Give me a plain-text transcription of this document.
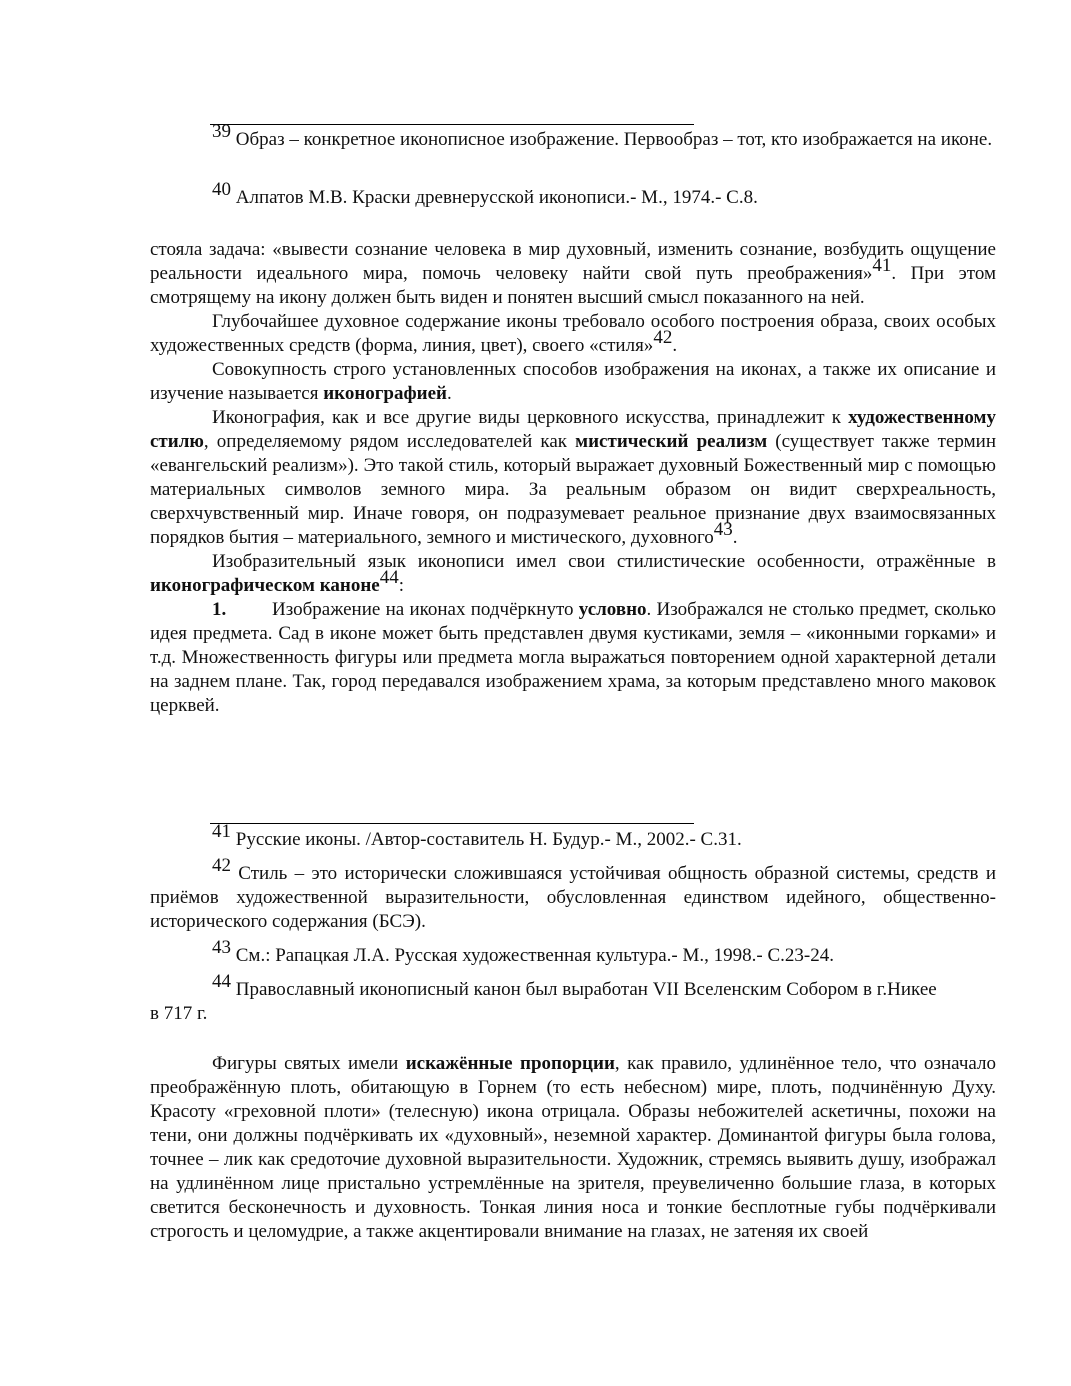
39 Образ – конкретное иконописное изображение. Первообраз – тот, кто изображается на иконе.

40 Алпатов М.В. Краски древнерусской иконописи.- М., 1974.- С.8.

стояла задача: «вывести сознание человека в мир духовный, изменить сознание, возбудить ощущение реальности идеального мира, помочь человеку найти свой путь преображения»41. При этом смотрящему на икону должен быть виден и понятен высший смысл показанного на ней.

Глубочайшее духовное содержание иконы требовало особого построения образа, своих особых художественных средств (форма, линия, цвет), своего «стиля»42.

Совокупность строго установленных способов изображения на иконах, а также их описание и изучение называется иконографией.

Иконография, как и все другие виды церковного искусства, принадлежит к художественному стилю, определяемому рядом исследователей как мистический реализм (существует также термин «евангельский реализм»). Это такой стиль, который выражает духовный Божественный мир с помощью материальных символов земного мира. За реальным образом он видит сверхреальность, сверхчувственный мир. Иначе говоря, он подразумевает реальное признание двух взаимосвязанных порядков бытия – материального, земного и мистического, духовного43.

Изобразительный язык иконописи имел свои стилистические особенности, отражённые в иконографическом каноне44:

1. Изображение на иконах подчёркнуто условно. Изображался не столько предмет, сколько идея предмета. Сад в иконе может быть представлен двумя кустиками, земля – «иконными горками» и т.д. Множественность фигуры или предмета могла выражаться повторением одной характерной детали на заднем плане. Так, город передавался изображением храма, за которым представлено много маковок церквей.

41 Русские иконы. /Автор-составитель Н. Будур.- М., 2002.- С.31.

42 Стиль – это исторически сложившаяся устойчивая общность образной системы, средств и приёмов художественной выразительности, обусловленная единством идейного, общественно-исторического содержания (БСЭ).

43 См.: Рапацкая Л.А. Русская художественная культура.- М., 1998.- С.23-24.

44 Православный иконописный канон был выработан VII Вселенским Собором в г.Никее в 717 г.

Фигуры святых имели искажённые пропорции, как правило, удлинённое тело, что означало преображённую плоть, обитающую в Горнем (то есть небесном) мире, плоть, подчинённую Духу. Красоту «греховной плоти» (телесную) икона отрицала. Образы небожителей аскетичны, похожи на тени, они должны подчёркивать их «духовный», неземной характер. Доминантой фигуры была голова, точнее – лик как средоточие духовной выразительности. Художник, стремясь выявить душу, изображал на удлинённом лице пристально устремлённые на зрителя, преувеличенно большие глаза, в которых светится бесконечность и духовность. Тонкая линия носа и тонкие бесплотные губы подчёркивали строгость и целомудрие, а также акцентировали внимание на глазах, не затеняя их своей
